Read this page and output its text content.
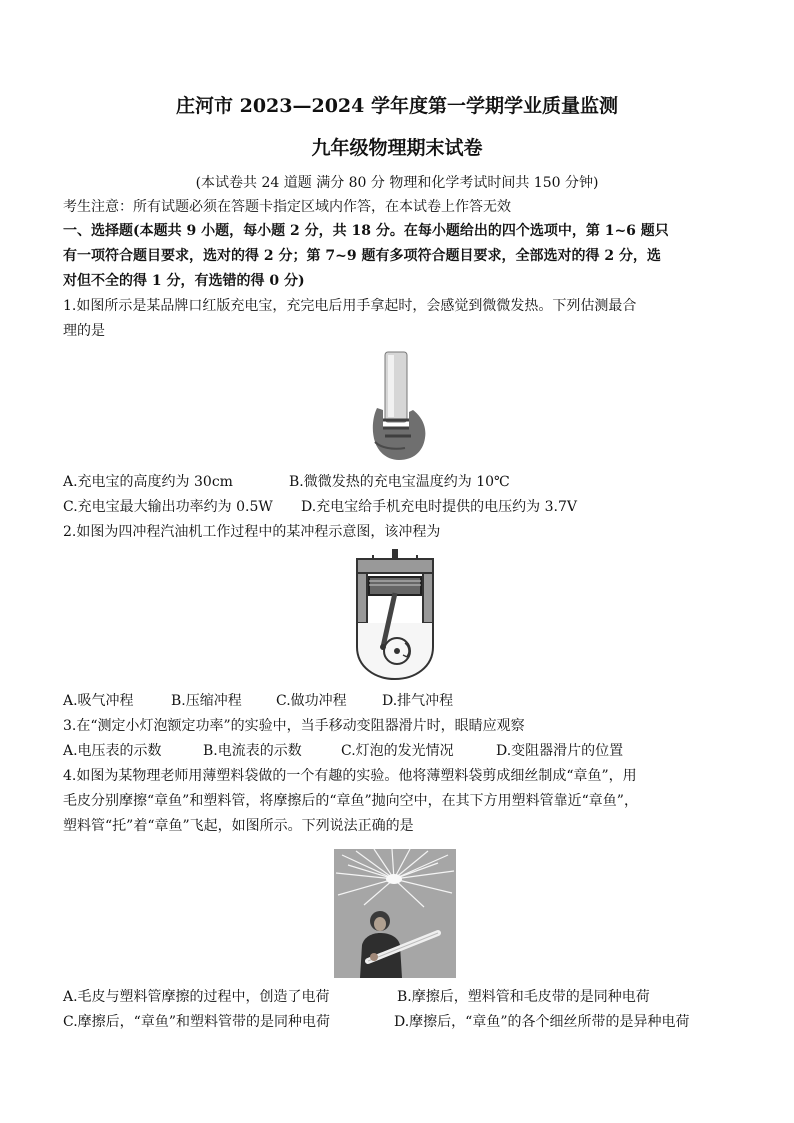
庄河市 2023—2024 学年度第一学期学业质量监测
九年级物理期末试卷
(本试卷共 24 道题 满分 80 分 物理和化学考试时间共 150 分钟)
考生注意：所有试题必须在答题卡指定区域内作答，在本试卷上作答无效
一、选择题(本题共 9 小题，每小题 2 分，共 18 分。在每小题给出的四个选项中，第 1~6 题只
有一项符合题目要求，选对的得 2 分；第 7~9 题有多项符合题目要求，全部选对的得 2 分，选
对但不全的得 1 分，有选错的得 0 分)
1.如图所示是某品牌口红版充电宝，充完电后用手拿起时，会感觉到微微发热。下列估测最合
理的是
A.充电宝的高度约为 30cm	B.微微发热的充电宝温度约为 10℃
C.充电宝最大输出功率约为 0.5W D.充电宝给手机充电时提供的电压约为 3.7V
2.如图为四冲程汽油机工作过程中的某冲程示意图，该冲程为
A.吸气冲程	B.压缩冲程 C.做功冲程	D.排气冲程
3.在“测定小灯泡额定功率”的实验中，当手移动变阻器滑片时，眼睛应观察
A.电压表的示数	B.电流表的示数	C.灯泡的发光情况	D.变阻器滑片的位置
4.如图为某物理老师用薄塑料袋做的一个有趣的实验。他将薄塑料袋剪成细丝制成“章鱼”，用
毛皮分别摩擦“章鱼”和塑料管，将摩擦后的“章鱼”抛向空中，在其下方用塑料管靠近“章鱼”，
塑料管“托”着“章鱼”飞起，如图所示。下列说法正确的是
A.毛皮与塑料管摩擦的过程中，创造了电荷	B.摩擦后，塑料管和毛皮带的是同种电荷
C.摩擦后，“章鱼”和塑料管带的是同种电荷	D.摩擦后，“章鱼”的各个细丝所带的是异种电荷
